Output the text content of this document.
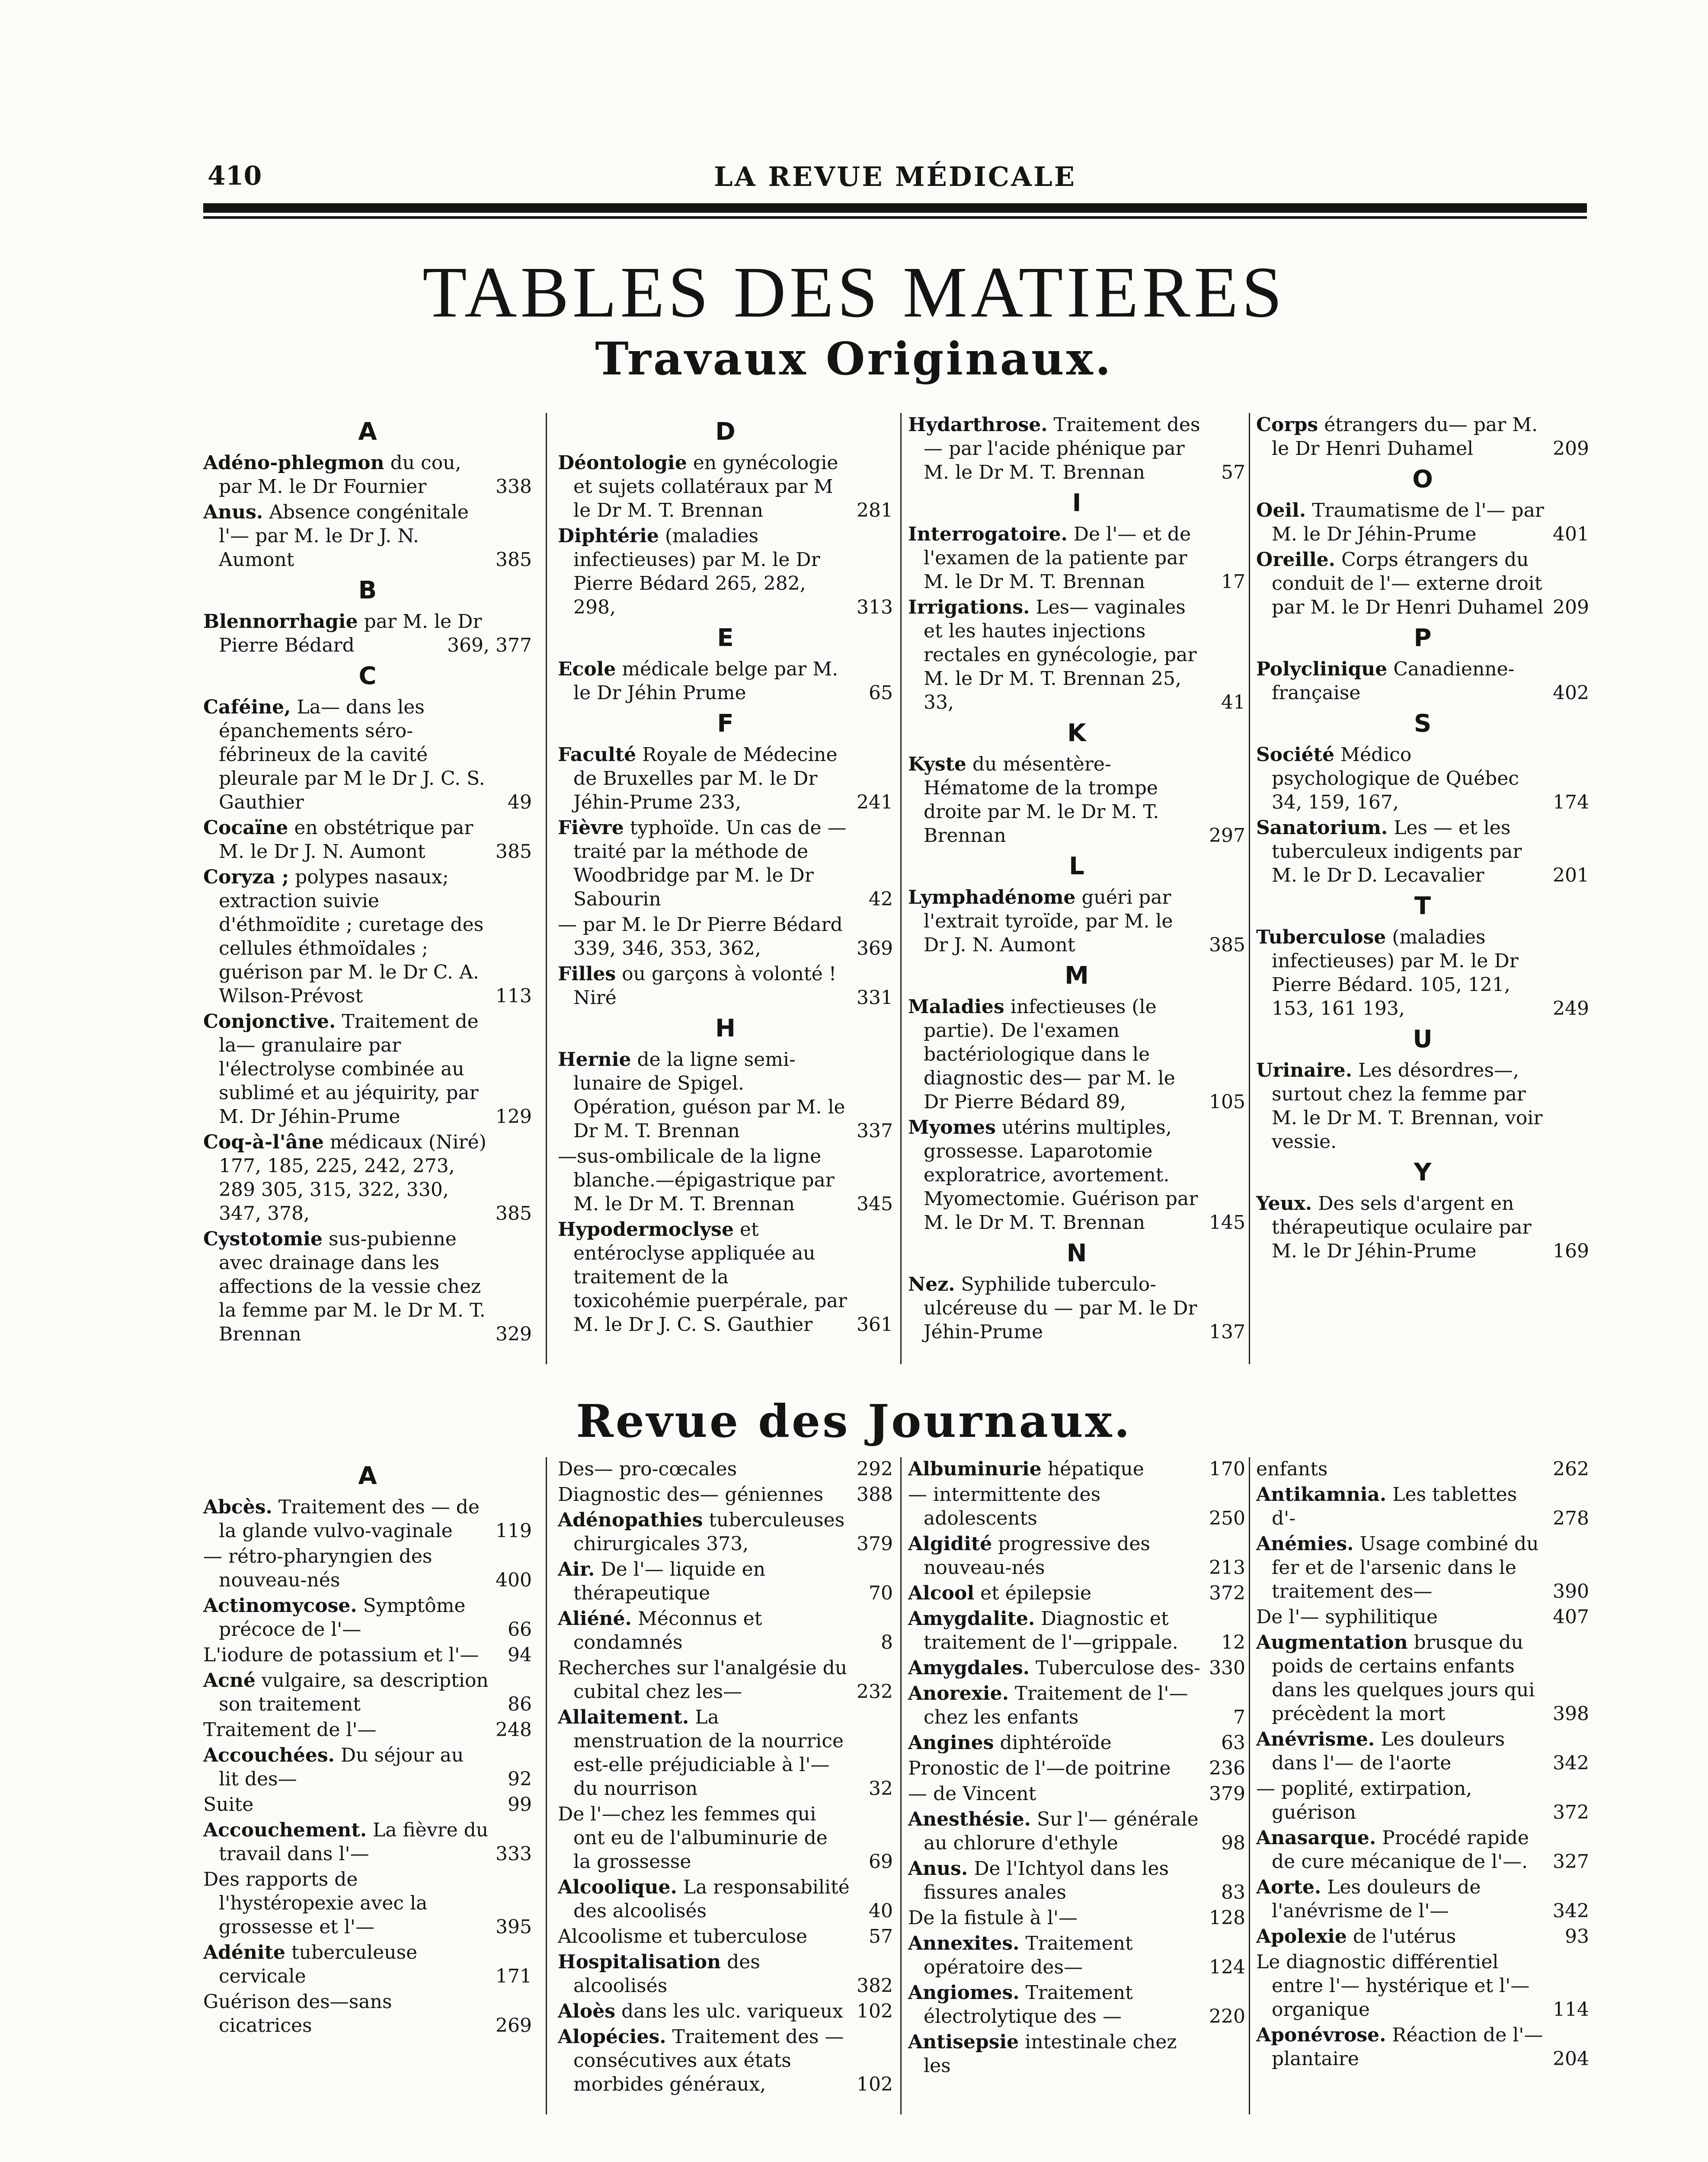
410	LA REVUE MÉDICALE
TABLES DES MATIERES
Travaux Originaux.
A
Adéno-phlegmon du cou, par M. le Dr Fournier	338
Anus. Absence congénitale l'— par M. le Dr J. N. Aumont	385
B
Blennorrhagie par M. le Dr Pierre Bédard	369, 377
C
Caféine, La— dans les épanchements séro-fébrineux de la cavité pleurale par M le Dr J. C. S. Gauthier	49
Cocaïne en obstétrique par M. le Dr J. N. Aumont	385
Coryza ; polypes nasaux; extraction suivie d'éthmoïdite ; curetage des cellules éthmoïdales ; guérison par M. le Dr C. A. Wilson-Prévost	113
Conjonctive. Traitement de la— granulaire par l'électrolyse combinée au sublimé et au jéquirity, par M. Dr Jéhin-Prume	129
Coq-à-l'âne médicaux (Niré) 177, 185, 225, 242, 273, 289 305, 315, 322, 330, 347, 378,	385
Cystotomie sus-pubienne avec drainage dans les affections de la vessie chez la femme par M. le Dr M. T. Brennan	329
D
Déontologie en gynécologie et sujets collatéraux par M le Dr M. T. Brennan	281
Diphtérie (maladies infectieuses) par M. le Dr Pierre Bédard 265, 282, 298,	313
E
Ecole médicale belge par M. le Dr Jéhin Prume	65
F
Faculté Royale de Médecine de Bruxelles par M. le Dr Jéhin-Prume 233,	241
Fièvre typhoïde. Un cas de — traité par la méthode de Woodbridge par M. le Dr Sabourin	42
— par M. le Dr Pierre Bédard 339, 346, 353, 362,	369
Filles ou garçons à volonté ! Niré	331
H
Hernie de la ligne semi-lunaire de Spigel. Opération, guéson par M. le Dr M. T. Brennan	337
—sus-ombilicale de la ligne blanche.—épigastrique par M. le Dr M. T. Brennan	345
Hypodermoclyse et entéroclyse appliquée au traitement de la toxicohémie puerpérale, par M. le Dr J. C. S. Gauthier	361
Hydarthrose. Traitement des — par l'acide phénique par M. le Dr M. T. Brennan	57
I
Interrogatoire. De l'— et de l'examen de la patiente par M. le Dr M. T. Brennan	17
Irrigations. Les— vaginales et les hautes injections rectales en gynécologie, par M. le Dr M. T. Brennan 25, 33,	41
K
Kyste du mésentère-Hématome de la trompe droite par M. le Dr M. T. Brennan	297
L
Lymphadénome guéri par l'extrait tyroïde, par M. le Dr J. N. Aumont	385
M
Maladies infectieuses (le partie). De l'examen bactériologique dans le diagnostic des— par M. le Dr Pierre Bédard 89,	105
Myomes utérins multiples, grossesse. Laparotomie exploratrice, avortement. Myomectomie. Guérison par M. le Dr M. T. Brennan	145
N
Nez. Syphilide tuberculo-ulcéreuse du — par M. le Dr Jéhin-Prume	137
Corps étrangers du— par M. le Dr Henri Duhamel	209
O
Oeil. Traumatisme de l'— par M. le Dr Jéhin-Prume	401
Oreille. Corps étrangers du conduit de l'— externe droit par M. le Dr Henri Duhamel 209
P
Polyclinique Canadienne-française	402
S
Société Médico psychologique de Québec 34, 159, 167,	174
Sanatorium. Les — et les tuberculeux indigents par M. le Dr D. Lecavalier	201
T
Tuberculose (maladies infectieuses) par M. le Dr Pierre Bédard. 105, 121, 153, 161 193,	249
U
Urinaire. Les désordres—, surtout chez la femme par M. le Dr M. T. Brennan, voir vessie.
Y
Yeux. Des sels d'argent en thérapeutique oculaire par M. le Dr Jéhin-Prume	169
Revue des Journaux.
A
Abcès. Traitement des — de la glande vulvo-vaginale	119
— rétro-pharyngien des nouveau-nés	400
Actinomycose. Symptôme précoce de l'—	66
L'iodure de potassium et l'—	94
Acné vulgaire, sa description son traitement	86
Traitement de l'—	248
Accouchées. Du séjour au lit des—	92
Suite	99
Accouchement. La fièvre du travail dans l'—	333
Des rapports de l'hystéropexie avec la grossesse et l'—	395
Adénite tuberculeuse cervicale	171
Guérison des—sans cicatrices	269
Des— pro-cœcales	292
Diagnostic des— géniennes	388
Adénopathies tuberculeuses chirurgicales 373,	379
Air. De l'— liquide en thérapeutique	70
Aliéné. Méconnus et condamnés	8
Recherches sur l'analgésie du cubital chez les—	232
Allaitement. La menstruation de la nourrice est-elle préjudiciable à l'— du nourrison	32
De l'—chez les femmes qui ont eu de l'albuminurie de la grossesse	69
Alcoolique. La responsabilité des alcoolisés	40
Alcoolisme et tuberculose	57
Hospitalisation des alcoolisés	382
Aloès dans les ulc. variqueux 102
Alopécies. Traitement des — consécutives aux états morbides généraux,	102
Albuminurie hépatique	170
— intermittente des adolescents	250
Algidité progressive des nouveau-nés	213
Alcool et épilepsie	372
Amygdalite. Diagnostic et traitement de l'—grippale.	12
Amygdales. Tuberculose des- 330
Anorexie. Traitement de l'— chez les enfants	7
Angines diphtéroïde	63
Pronostic de l'—de poitrine	236
— de Vincent	379
Anesthésie. Sur l'— générale au chlorure d'ethyle	98
Anus. De l'Ichtyol dans les fissures anales	83
De la fistule à l'—	128
Annexites. Traitement opératoire des—	124
Angiomes. Traitement électrolytique des —	220
Antisepsie intestinale chez les
enfants	262
Antikamnia. Les tablettes d'-	278
Anémies. Usage combiné du fer et de l'arsenic dans le traitement des—	390
De l'— syphilitique	407
Augmentation brusque du poids de certains enfants dans les quelques jours qui précèdent la mort	398
Anévrisme. Les douleurs dans l'— de l'aorte	342
— poplité, extirpation, guérison	372
Anasarque. Procédé rapide de cure mécanique de l'—.	327
Aorte. Les douleurs de l'anévrisme de l'—	342
Apolexie de l'utérus	93
Le diagnostic différentiel entre l'— hystérique et l'— organique	114
Aponévrose. Réaction de l'— plantaire	204
